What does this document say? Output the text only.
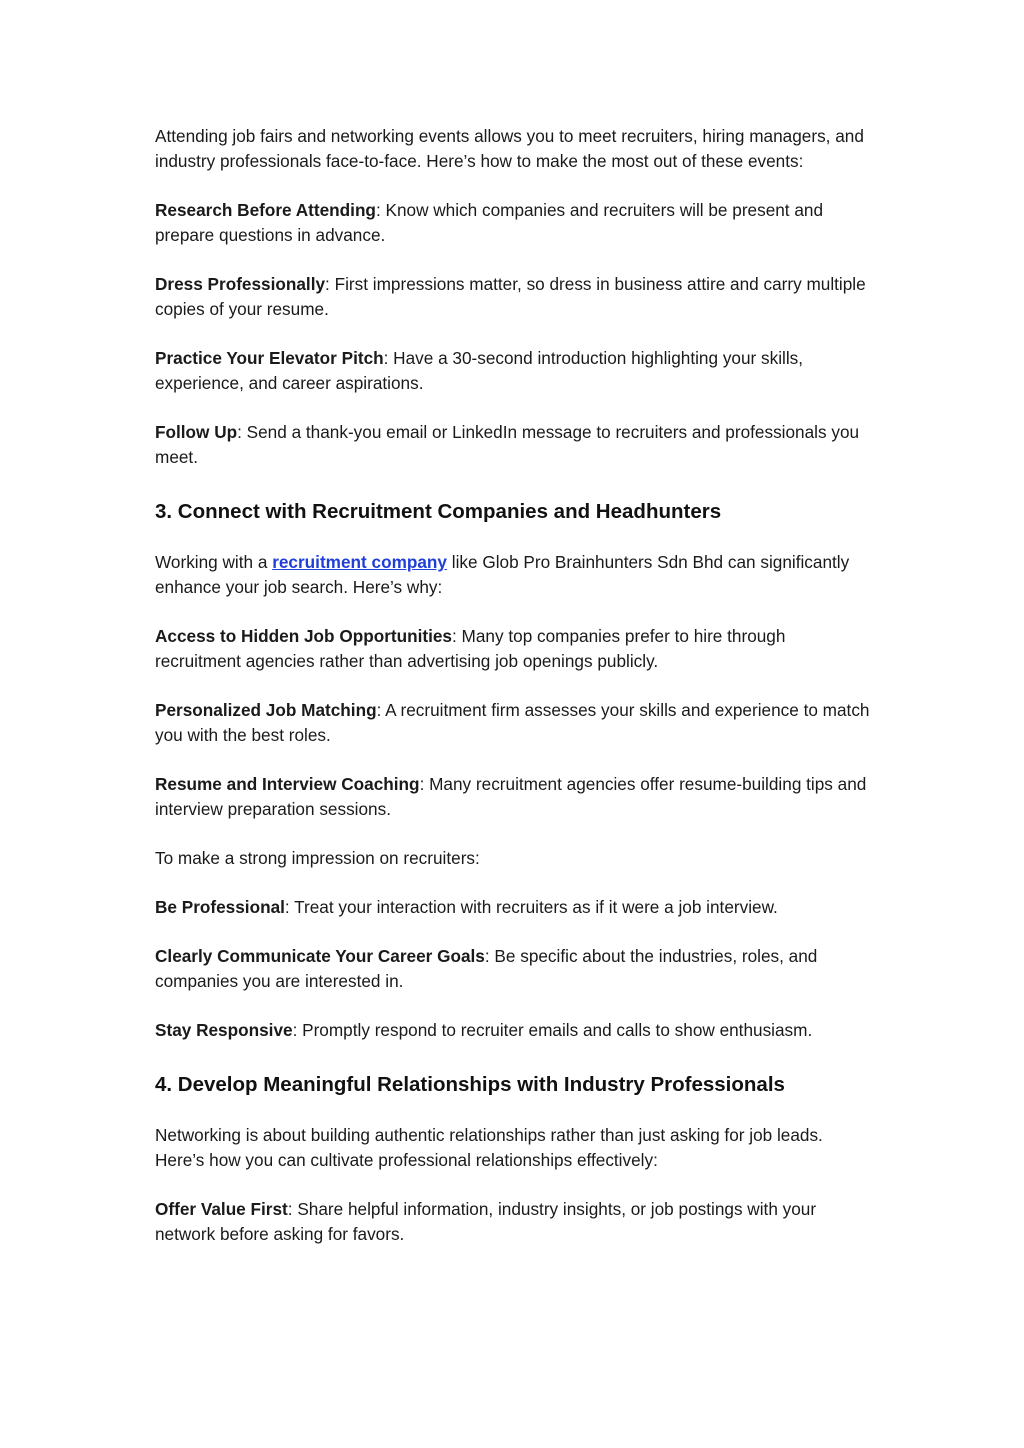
Attending job fairs and networking events allows you to meet recruiters, hiring managers, and industry professionals face-to-face. Here’s how to make the most out of these events:

Research Before Attending: Know which companies and recruiters will be present and prepare questions in advance.

Dress Professionally: First impressions matter, so dress in business attire and carry multiple copies of your resume.

Practice Your Elevator Pitch: Have a 30-second introduction highlighting your skills, experience, and career aspirations.

Follow Up: Send a thank-you email or LinkedIn message to recruiters and professionals you meet.

3. Connect with Recruitment Companies and Headhunters

Working with a recruitment company like Glob Pro Brainhunters Sdn Bhd can significantly enhance your job search. Here’s why:

Access to Hidden Job Opportunities: Many top companies prefer to hire through recruitment agencies rather than advertising job openings publicly.

Personalized Job Matching: A recruitment firm assesses your skills and experience to match you with the best roles.

Resume and Interview Coaching: Many recruitment agencies offer resume-building tips and interview preparation sessions.

To make a strong impression on recruiters:

Be Professional: Treat your interaction with recruiters as if it were a job interview.

Clearly Communicate Your Career Goals: Be specific about the industries, roles, and companies you are interested in.

Stay Responsive: Promptly respond to recruiter emails and calls to show enthusiasm.

4. Develop Meaningful Relationships with Industry Professionals

Networking is about building authentic relationships rather than just asking for job leads. Here’s how you can cultivate professional relationships effectively:

Offer Value First: Share helpful information, industry insights, or job postings with your network before asking for favors.
